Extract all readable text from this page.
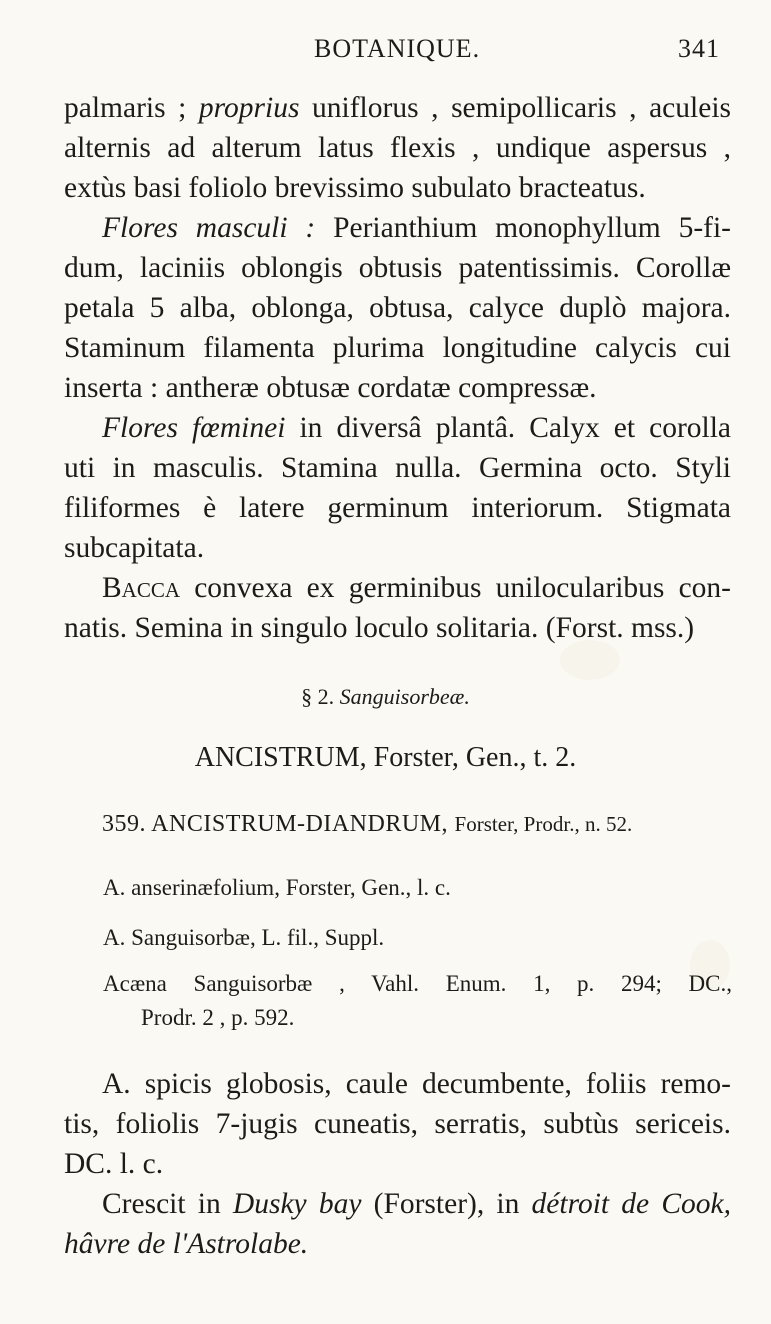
BOTANIQUE.	341
palmaris ; proprius uniflorus , semipollicaris , aculeis
alternis ad alterum latus flexis , undique aspersus ,
extùs basi foliolo brevissimo subulato bracteatus.
Flores masculi : Perianthium monophyllum 5-fi-
dum, laciniis oblongis obtusis patentissimis. Corollæ
petala 5 alba, oblonga, obtusa, calyce duplò majora.
Staminum filamenta plurima longitudine calycis cui
inserta : antheræ obtusæ cordatæ compressæ.
Flores fœminei in diversâ plantâ. Calyx et corolla
uti in masculis. Stamina nulla. Germina octo. Styli
filiformes è latere germinum interiorum. Stigmata
subcapitata.
Bacca convexa ex germinibus unilocularibus con-
natis. Semina in singulo loculo solitaria. (Forst. mss.)
§ 2. Sanguisorbeæ.
ANCISTRUM, Forster, Gen., t. 2.
359. ANCISTRUM-DIANDRUM, Forster, Prodr., n. 52.
A. anserinæfolium, Forster, Gen., l. c.
A. Sanguisorbæ, L. fil., Suppl.
Acæna Sanguisorbæ , Vahl. Enum. 1, p. 294; DC.,
Prodr. 2 , p. 592.
A. spicis globosis, caule decumbente, foliis remo-
tis, foliolis 7-jugis cuneatis, serratis, subtùs sericeis.
DC. l. c.
Crescit in Dusky bay (Forster), in détroit de Cook,
hâvre de l'Astrolabe.
